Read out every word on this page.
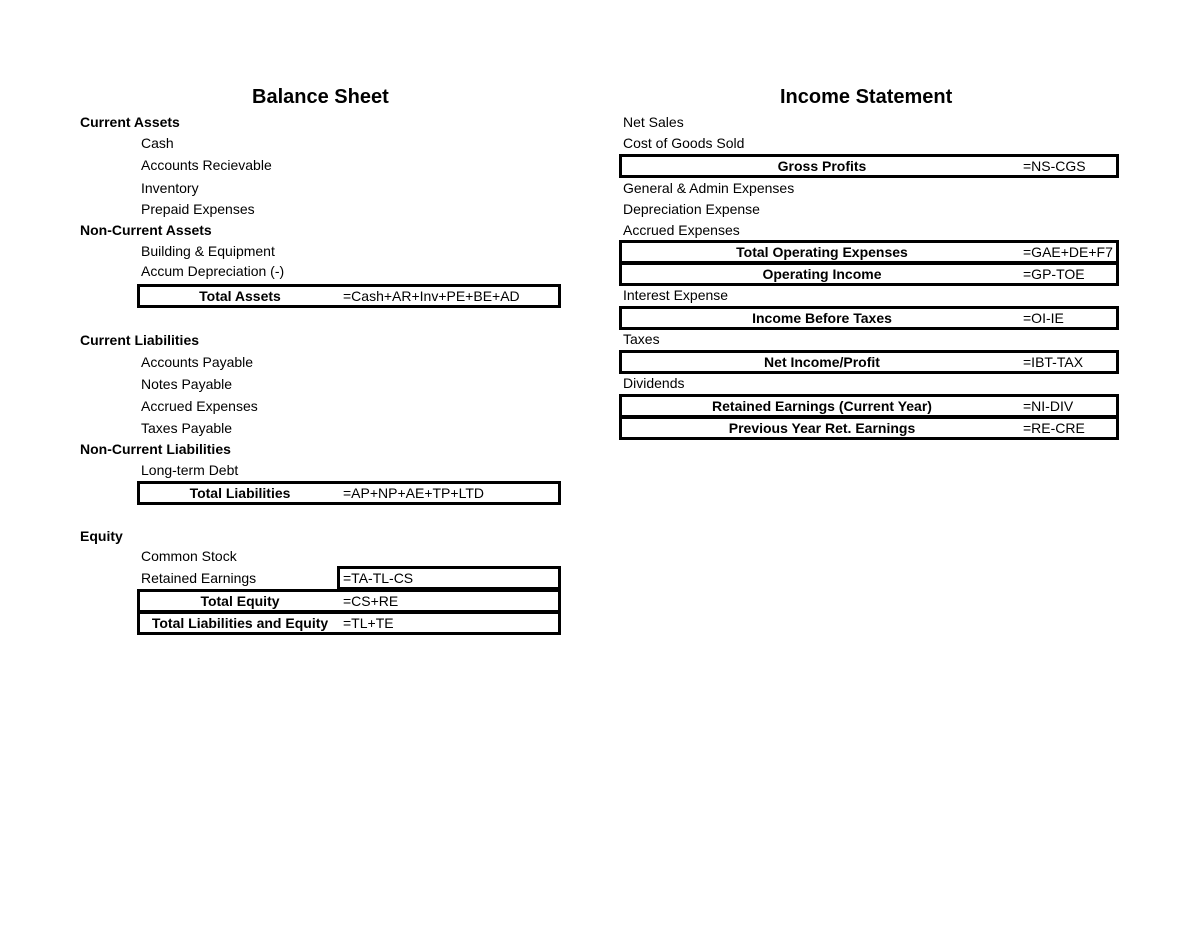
Balance Sheet
Current Assets
Cash
Accounts Recievable
Inventory
Prepaid Expenses
Non-Current Assets
Building & Equipment
Accum Depreciation (-)
Total Assets	=Cash+AR+Inv+PE+BE+AD
Current Liabilities
Accounts Payable
Notes Payable
Accrued Expenses
Taxes Payable
Non-Current Liabilities
Long-term Debt
Total Liabilities	=AP+NP+AE+TP+LTD
Equity
Common Stock
Retained Earnings	=TA-TL-CS
Total Equity	=CS+RE
Total Liabilities and Equity	=TL+TE
Income Statement
Net Sales
Cost of Goods Sold
Gross Profits	=NS-CGS
General & Admin Expenses
Depreciation Expense
Accrued Expenses
Total Operating Expenses	=GAE+DE+F7
Operating Income	=GP-TOE
Interest Expense
Income Before Taxes	=OI-IE
Taxes
Net Income/Profit	=IBT-TAX
Dividends
Retained Earnings (Current Year)	=NI-DIV
Previous Year Ret. Earnings	=RE-CRE
